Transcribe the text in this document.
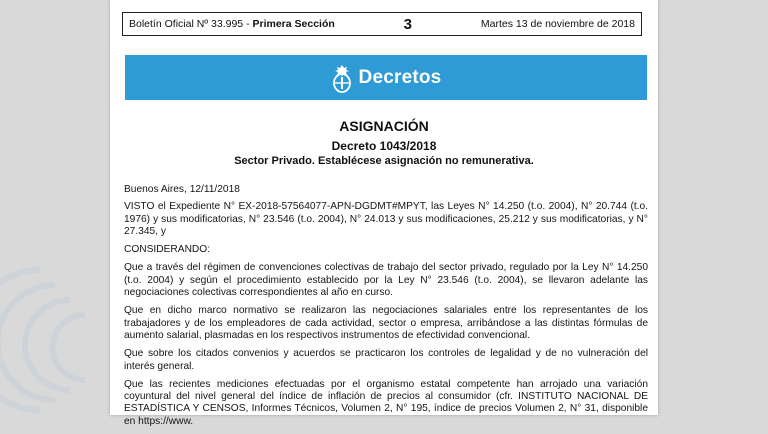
Boletín Oficial Nº 33.995 - Primera Sección	3	Martes 13 de noviembre de 2018
Decretos
ASIGNACIÓN
Decreto 1043/2018
Sector Privado. Establécese asignación no remunerativa.

Buenos Aires, 12/11/2018

VISTO el Expediente N° EX-2018-57564077-APN-DGDMT#MPYT, las Leyes N° 14.250 (t.o. 2004), N° 20.744 (t.o. 1976) y sus modificatorias, N° 23.546 (t.o. 2004), N° 24.013 y sus modificaciones, 25.212 y sus modificatorias, y N° 27.345, y

CONSIDERANDO:

Que a través del régimen de convenciones colectivas de trabajo del sector privado, regulado por la Ley N° 14.250 (t.o. 2004) y según el procedimiento establecido por la Ley N° 23.546 (t.o. 2004), se llevaron adelante las negociaciones colectivas correspondientes al año en curso.

Que en dicho marco normativo se realizaron las negociaciones salariales entre los representantes de los trabajadores y de los empleadores de cada actividad, sector o empresa, arribándose a las distintas fórmulas de aumento salarial, plasmadas en los respectivos instrumentos de efectividad convencional.

Que sobre los citados convenios y acuerdos se practicaron los controles de legalidad y de no vulneración del interés general.

Que las recientes mediciones efectuadas por el organismo estatal competente han arrojado una variación coyuntural del nivel general del índice de inflación de precios al consumidor (cfr. INSTITUTO NACIONAL DE ESTADÍSTICA Y CENSOS, Informes Técnicos, Volumen 2, N° 195, índice de precios Volumen 2, N° 31, disponible en https://www.
